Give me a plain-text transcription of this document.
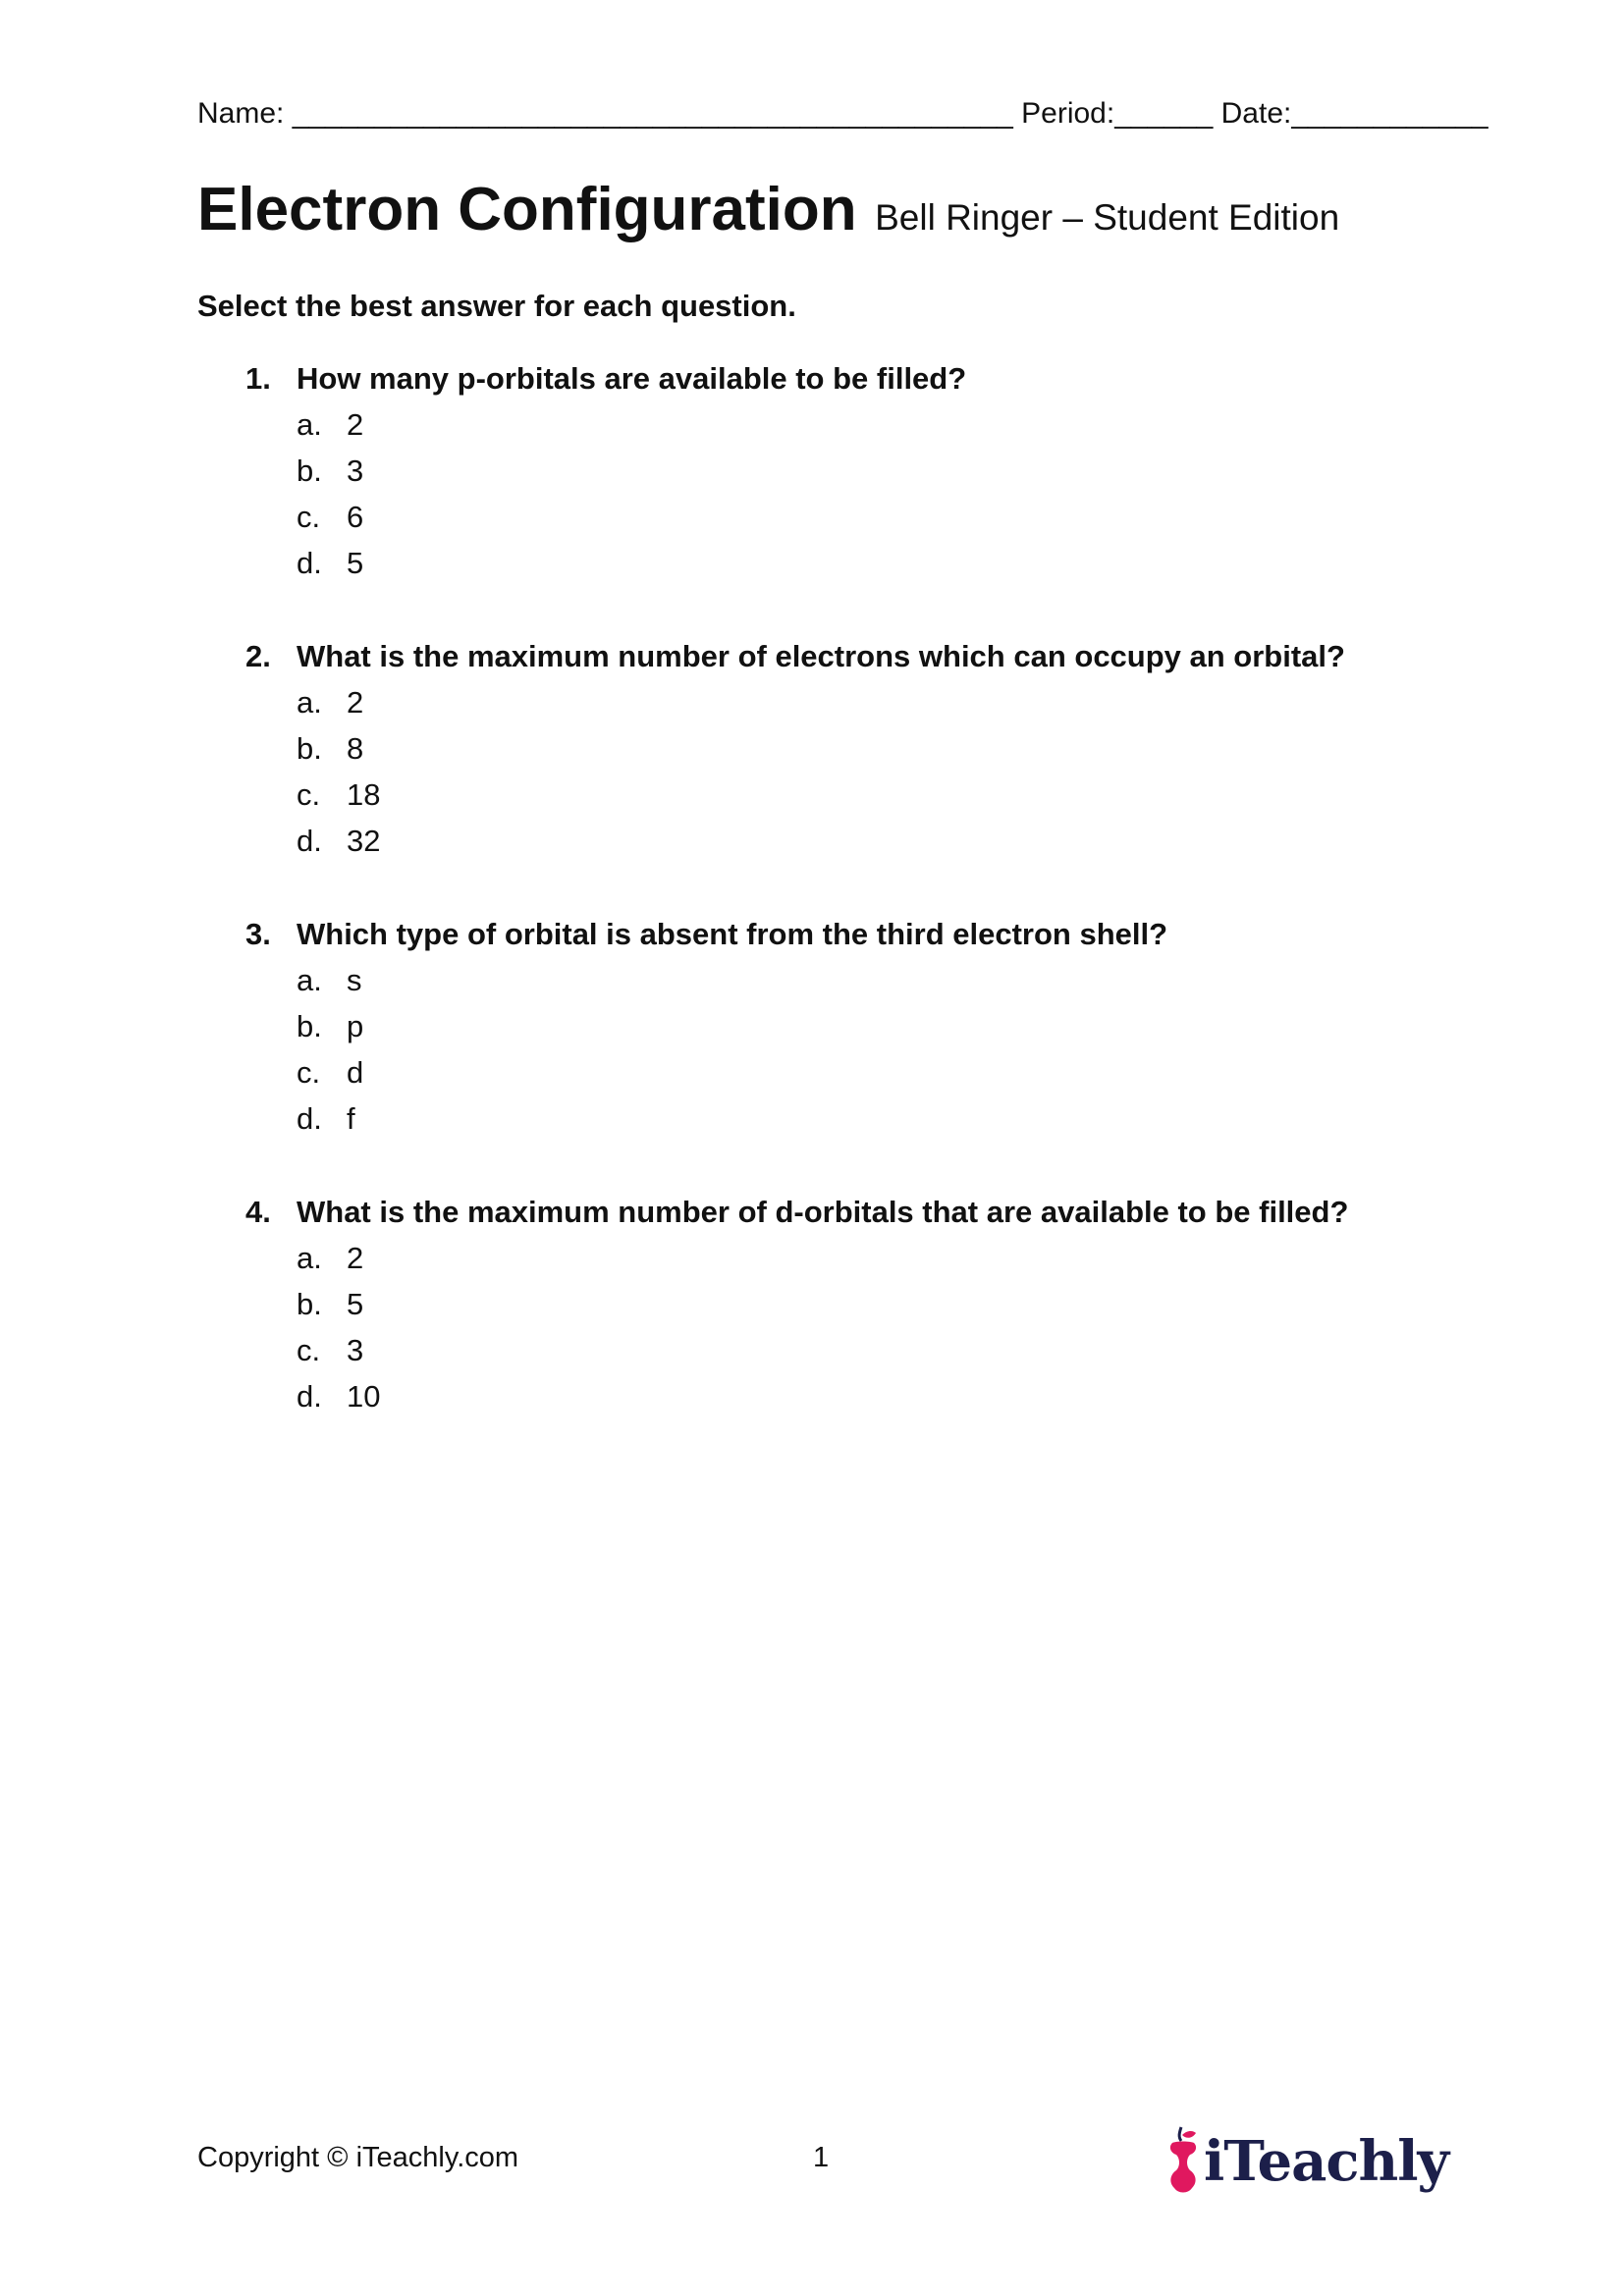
Name: ____________________________________________ Period:______ Date:____________
Electron Configuration Bell Ringer – Student Edition
Select the best answer for each question.
1. How many p-orbitals are available to be filled?
a. 2
b. 3
c. 6
d. 5
2. What is the maximum number of electrons which can occupy an orbital?
a. 2
b. 8
c. 18
d. 32
3. Which type of orbital is absent from the third electron shell?
a. s
b. p
c. d
d. f
4. What is the maximum number of d-orbitals that are available to be filled?
a. 2
b. 5
c. 3
d. 10
Copyright © iTeachly.com	1	iTeachly
